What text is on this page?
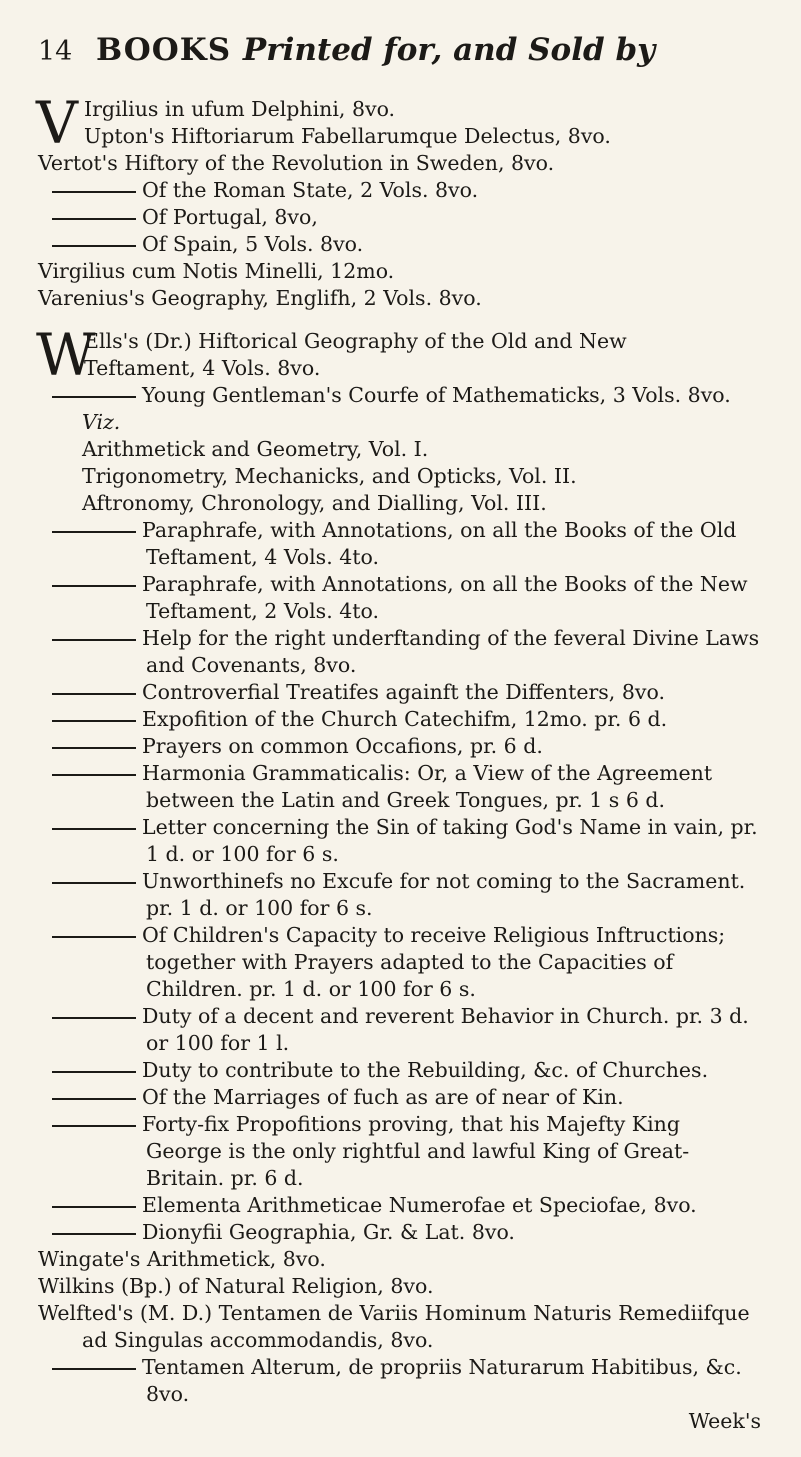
14 BOOKS Printed for, and Sold by
V Irgilius in ufum Delphini, 8vo.
Upton's Hiftoriarum Fabellarumque Delectus, 8vo.
Vertot's Hiftory of the Revolution in Sweden, 8vo.
Of the Roman State, 2 Vols. 8vo.
Of Portugal, 8vo,
Of Spain, 5 Vols. 8vo.
Virgilius cum Notis Minelli, 12mo.
Varenius's Geography, Englifh, 2 Vols. 8vo.
W
Ells's (Dr.) Hiftorical Geography of the Old and New
Teftament, 4 Vols. 8vo.
Young Gentleman's Courfe of Mathematicks, 3 Vols. 8vo.
Viz.
Arithmetick and Geometry, Vol. I.
Trigonometry, Mechanicks, and Opticks, Vol. II.
Aftronomy, Chronology, and Dialling, Vol. III.
Paraphrafe, with Annotations, on all the Books of the Old Teftament, 4 Vols. 4to.
Paraphrafe, with Annotations, on all the Books of the New Teftament, 2 Vols. 4to.
Help for the right underftanding of the feveral Divine Laws and Covenants, 8vo.
Controverfial Treatifes againft the Diffenters, 8vo.
Expofition of the Church Catechifm, 12mo. pr. 6 d.
Prayers on common Occafions, pr. 6 d.
Harmonia Grammaticalis: Or, a View of the Agreement between the Latin and Greek Tongues, pr. 1 s 6 d.
Letter concerning the Sin of taking God's Name in vain, pr. 1 d. or 100 for 6 s.
Unworthinefs no Excufe for not coming to the Sacrament. pr. 1 d. or 100 for 6 s.
Of Children's Capacity to receive Religious Inftructions; together with Prayers adapted to the Capacities of Children. pr. 1 d. or 100 for 6 s.
Duty of a decent and reverent Behavior in Church. pr. 3 d. or 100 for 1 l.
Duty to contribute to the Rebuilding, &c. of Churches.
Of the Marriages of fuch as are of near of Kin.
Forty-fix Propofitions proving, that his Majefty King George is the only rightful and lawful King of Great-Britain. pr. 6 d.
Elementa Arithmeticae Numerofae et Speciofae, 8vo.
Dionyfii Geographia, Gr. & Lat. 8vo.
Wingate's Arithmetick, 8vo.
Wilkins (Bp.) of Natural Religion, 8vo.
Welfted's (M. D.) Tentamen de Variis Hominum Naturis Remediifque ad Singulas accommodandis, 8vo.
Tentamen Alterum, de propriis Naturarum Habitibus, &c. 8vo.
Week's
